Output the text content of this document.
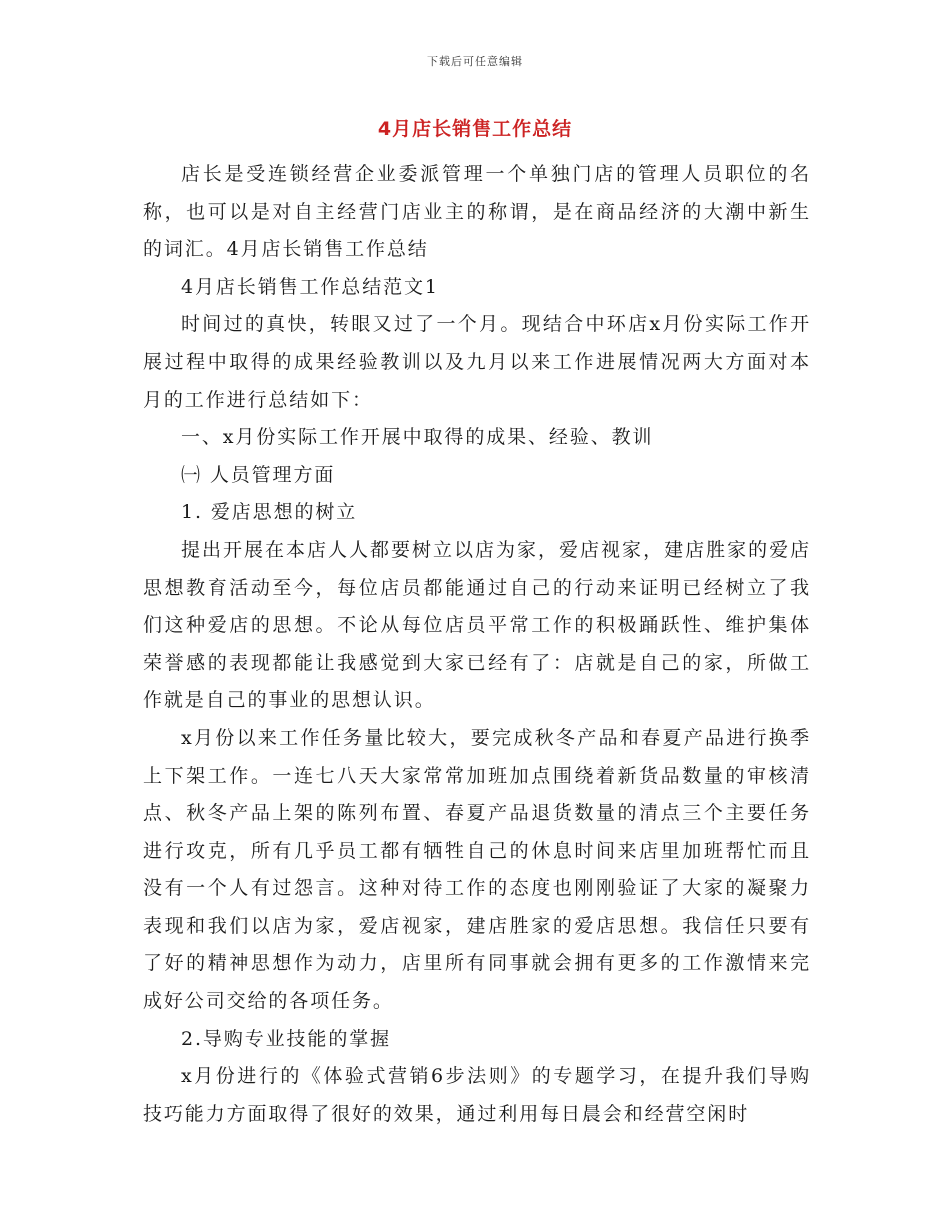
下载后可任意编辑
4月店长销售工作总结

店长是受连锁经营企业委派管理一个单独门店的管理人员职位的名称，也可以是对自主经营门店业主的称谓，是在商品经济的大潮中新生的词汇。4月店长销售工作总结

4月店长销售工作总结范文1

时间过的真快，转眼又过了一个月。现结合中环店x月份实际工作开展过程中取得的成果经验教训以及九月以来工作进展情况两大方面对本月的工作进行总结如下：

一、x月份实际工作开展中取得的成果、经验、教训

㈠ 人员管理方面

1. 爱店思想的树立

提出开展在本店人人都要树立以店为家，爱店视家，建店胜家的爱店思想教育活动至今，每位店员都能通过自己的行动来证明已经树立了我们这种爱店的思想。不论从每位店员平常工作的积极踊跃性、维护集体荣誉感的表现都能让我感觉到大家已经有了：店就是自己的家，所做工作就是自己的事业的思想认识。

x月份以来工作任务量比较大，要完成秋冬产品和春夏产品进行换季上下架工作。一连七八天大家常常加班加点围绕着新货品数量的审核清点、秋冬产品上架的陈列布置、春夏产品退货数量的清点三个主要任务进行攻克，所有几乎员工都有牺牲自己的休息时间来店里加班帮忙而且没有一个人有过怨言。这种对待工作的态度也刚刚验证了大家的凝聚力表现和我们以店为家，爱店视家，建店胜家的爱店思想。我信任只要有了好的精神思想作为动力，店里所有同事就会拥有更多的工作激情来完成好公司交给的各项任务。

2.导购专业技能的掌握

x月份进行的《体验式营销6步法则》的专题学习，在提升我们导购技巧能力方面取得了很好的效果，通过利用每日晨会和经营空闲时
